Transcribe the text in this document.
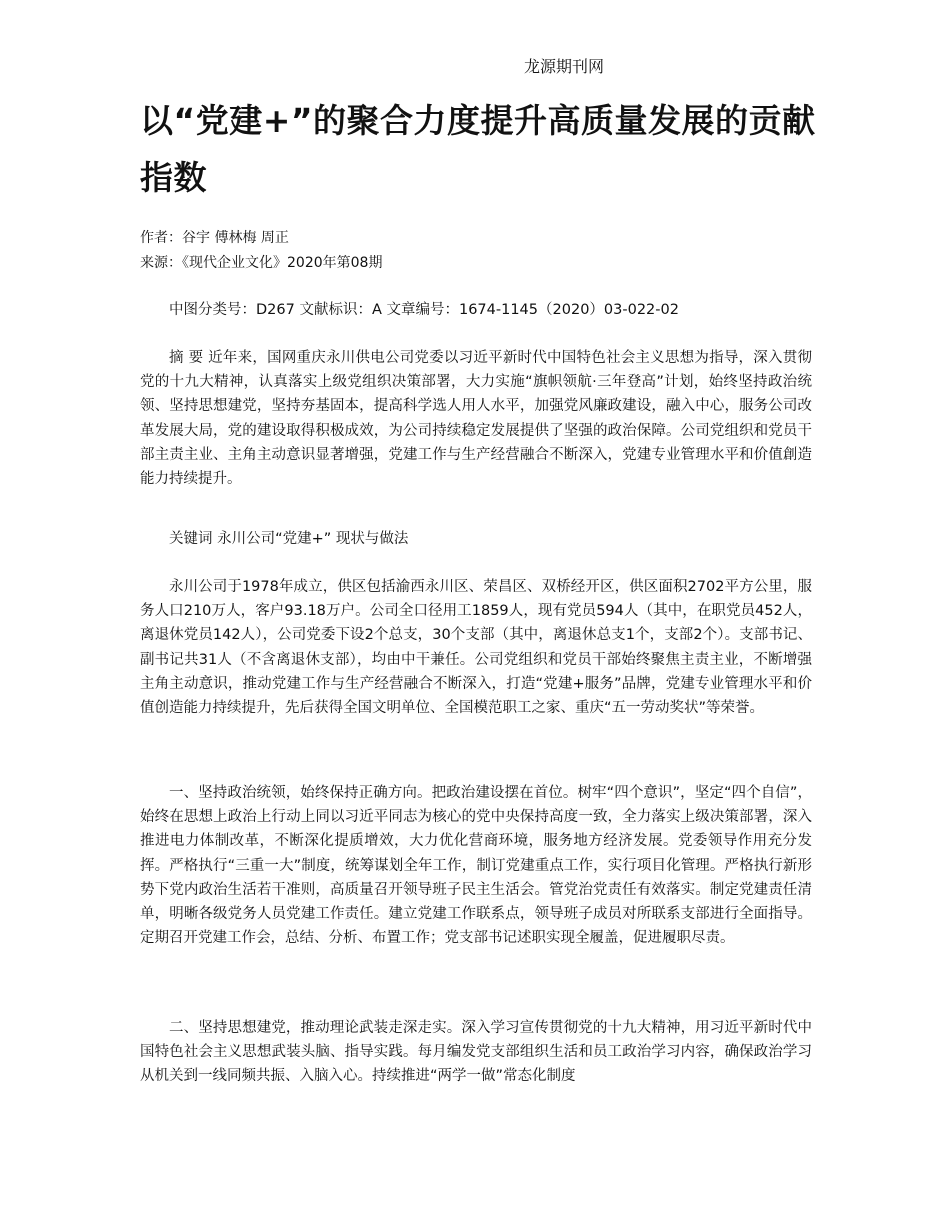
龙源期刊网
以“党建+”的聚合力度提升高质量发展的贡献指数
作者：谷宇 傅林梅 周正
来源：《现代企业文化》2020年第08期

中图分类号：D267 文献标识：A 文章编号：1674-1145（2020）03-022-02

摘 要 近年来，国网重庆永川供电公司党委以习近平新时代中国特色社会主义思想为指导，深入贯彻党的十九大精神，认真落实上级党组织决策部署，大力实施“旗帜领航·三年登高”计划，始终坚持政治统领、坚持思想建党，坚持夯基固本，提高科学选人用人水平，加强党风廉政建设，融入中心，服务公司改革发展大局，党的建设取得积极成效，为公司持续稳定发展提供了坚强的政治保障。公司党组织和党员干部主责主业、主角主动意识显著增强，党建工作与生产经营融合不断深入，党建专业管理水平和价值創造能力持续提升。

关键词 永川公司“党建+” 现状与做法

永川公司于1978年成立，供区包括渝西永川区、荣昌区、双桥经开区，供区面积2702平方公里，服务人口210万人，客户93.18万户。公司全口径用工1859人，现有党员594人（其中，在职党员452人，离退休党员142人），公司党委下设2个总支，30个支部（其中，离退休总支1个，支部2个）。支部书记、副书记共31人（不含离退休支部），均由中干兼任。公司党组织和党员干部始终聚焦主责主业，不断增强主角主动意识，推动党建工作与生产经营融合不断深入，打造“党建+服务”品牌，党建专业管理水平和价值创造能力持续提升，先后获得全国文明单位、全国模范职工之家、重庆“五一劳动奖状”等荣誉。

一、坚持政治统领，始终保持正确方向。把政治建设摆在首位。树牢“四个意识”，坚定“四个自信”，始终在思想上政治上行动上同以习近平同志为核心的党中央保持高度一致，全力落实上级决策部署，深入推进电力体制改革，不断深化提质增效，大力优化营商环境，服务地方经济发展。党委领导作用充分发挥。严格执行“三重一大”制度，统筹谋划全年工作，制订党建重点工作，实行项目化管理。严格执行新形势下党内政治生活若干准则，高质量召开领导班子民主生活会。管党治党责任有效落实。制定党建责任清单，明晰各级党务人员党建工作责任。建立党建工作联系点，领导班子成员对所联系支部进行全面指导。定期召开党建工作会，总结、分析、布置工作；党支部书记述职实现全履盖，促进履职尽责。

二、坚持思想建党，推动理论武装走深走实。深入学习宣传贯彻党的十九大精神，用习近平新时代中国特色社会主义思想武装头脑、指导实践。每月编发党支部组织生活和员工政治学习内容，确保政治学习从机关到一线同频共振、入脑入心。持续推进“两学一做”常态化制度
